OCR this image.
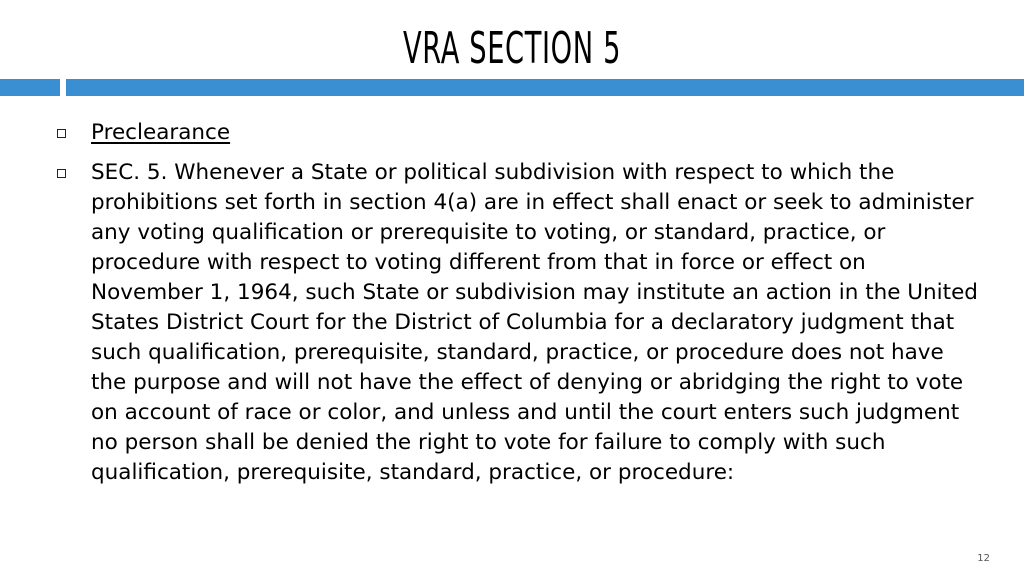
VRA SECTION 5
Preclearance
SEC. 5. Whenever a State or political subdivision with respect to which the prohibitions set forth in section 4(a) are in effect shall enact or seek to administer any voting qualification or prerequisite to voting, or standard, practice, or procedure with respect to voting different from that in force or effect on November 1, 1964, such State or subdivision may institute an action in the United States District Court for the District of Columbia for a declaratory judgment that such qualification, prerequisite, standard, practice, or procedure does not have the purpose and will not have the effect of denying or abridging the right to vote on account of race or color, and unless and until the court enters such judgment no person shall be denied the right to vote for failure to comply with such qualification, prerequisite, standard, practice, or procedure:
12
